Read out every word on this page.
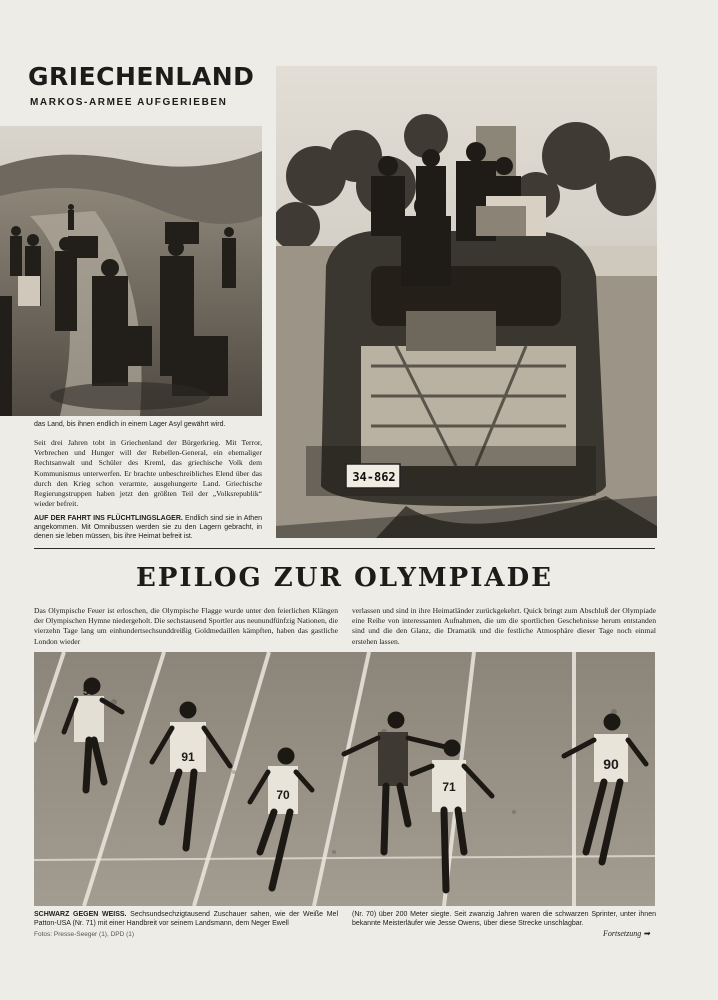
GRIECHENLAND
MARKOS-ARMEE AUFGERIEBEN
das Land, bis ihnen endlich in einem Lager Asyl gewährt wird.
Seit drei Jahren tobt in Griechenland der Bürgerkrieg. Mit Terror, Verbrechen und Hunger will der Rebellen-General, ein ehemaliger Rechtsanwalt und Schüler des Kreml, das griechische Volk dem Kommunismus unterwerfen. Er brachte unbeschreibliches Elend über das durch den Krieg schon verarmte, ausgehungerte Land. Griechische Regierungstruppen haben jetzt den größten Teil der „Volksrepublik“ wieder befreit.
AUF DER FAHRT INS FLÜCHTLINGSLAGER. Endlich sind sie in Athen angekommen. Mit Omnibussen werden sie zu den Lagern gebracht, in denen sie leben müssen, bis ihre Heimat befreit ist.
34-862
EPILOG ZUR OLYMPIADE
Das Olympische Feuer ist erloschen, die Olympische Flagge wurde unter den feierlichen Klängen der Olympischen Hymne niedergeholt. Die sechstausend Sportler aus neunundfünfzig Nationen, die vierzehn Tage lang um einhundertsechsunddreißig Goldmedaillen kämpften, haben das gastliche London wieder
verlassen und sind in ihre Heimatländer zurückgekehrt. Quick bringt zum Abschluß der Olympiade eine Reihe von interessanten Aufnahmen, die um die sportlichen Geschehnisse herum entstanden sind und die den Glanz, die Dramatik und die festliche Atmosphäre dieser Tage noch einmal erstehen lassen.
50
91
70
71
90
SCHWARZ GEGEN WEISS. Sechsundsechzigtausend Zuschauer sahen, wie der Weiße Mel Patton-USA (Nr. 71) mit einer Handbreit vor seinem Landsmann, dem Neger Ewell
(Nr. 70) über 200 Meter siegte. Seit zwanzig Jahren waren die schwarzen Sprinter, unter ihnen bekannte Meisterläufer wie Jesse Owens, über diese Strecke unschlagbar.
Fotos: Presse-Seeger (1), DPD (1)	Fortsetzung ➡
